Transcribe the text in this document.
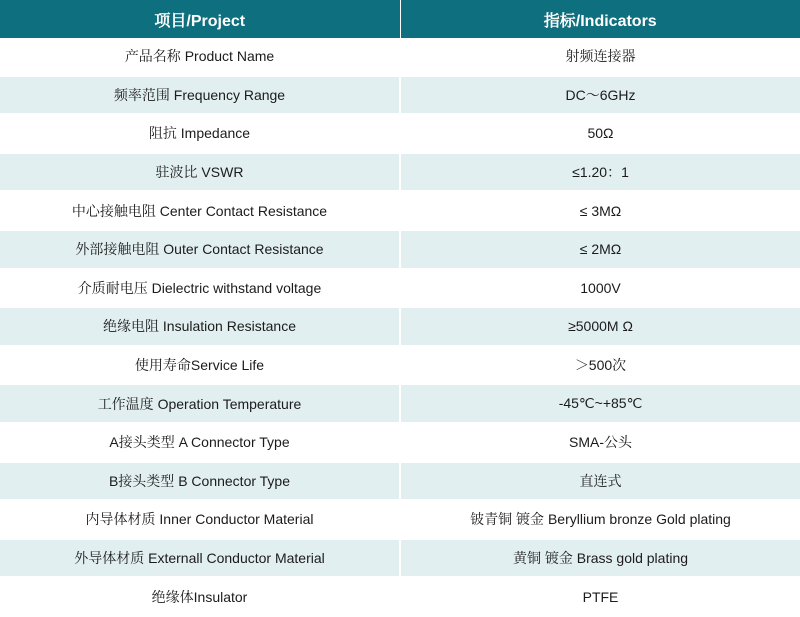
项目/Project	指标/Indicators
产品名称 Product Name	射频连接器
频率范围 Frequency Range	DC～6GHz
阻抗 Impedance	50Ω
驻波比 VSWR	≤1.20：1
中心接触电阻 Center Contact Resistance	≤ 3MΩ
外部接触电阻 Outer Contact Resistance	≤ 2MΩ
介质耐电压 Dielectric withstand voltage	1000V
绝缘电阻 Insulation Resistance	≥5000M Ω
使用寿命Service Life	＞500次
工作温度 Operation Temperature	-45℃~+85℃
A接头类型 A Connector Type	SMA-公头
B接头类型 B Connector Type	直连式
内导体材质 Inner Conductor Material	铍青铜 镀金 Beryllium bronze Gold plating
外导体材质 Externall Conductor Material	黄铜 镀金 Brass gold plating
绝缘体Insulator	PTFE
